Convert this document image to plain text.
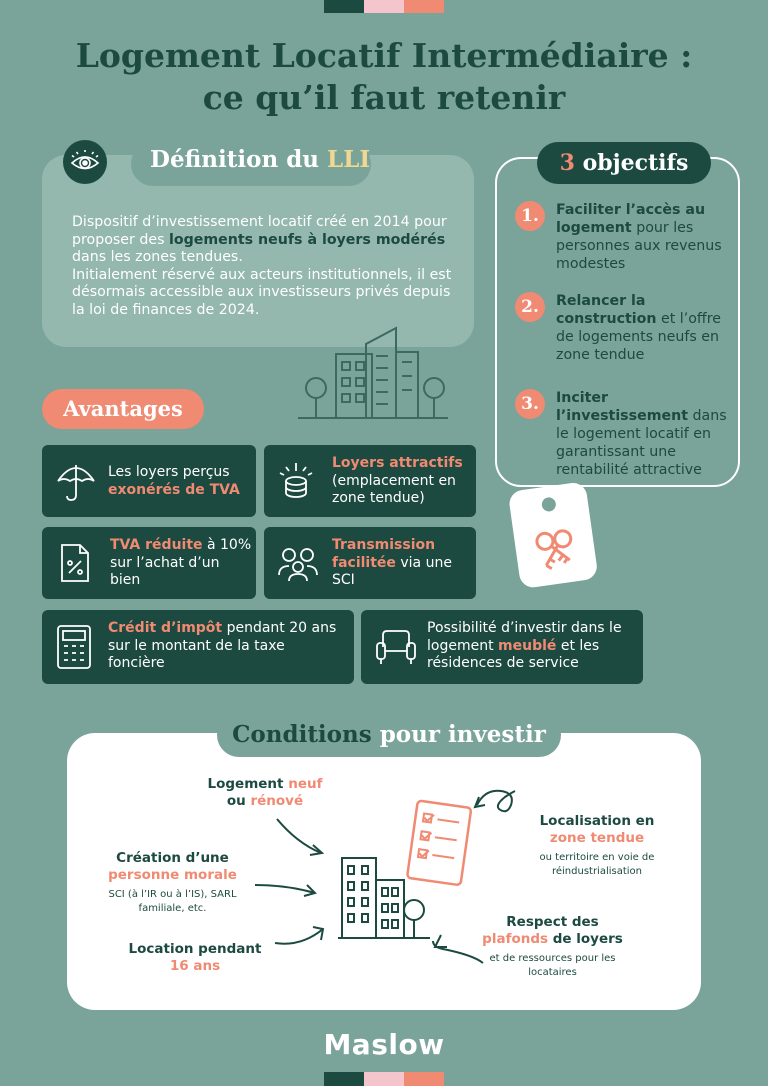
Logement Locatif Intermédiaire :
ce qu’il faut retenir
Définition du LLI
Dispositif d’investissement locatif créé en 2014 pour proposer des logements neufs à loyers modérés dans les zones tendues.
Initialement réservé aux acteurs institutionnels, il est désormais accessible aux investisseurs privés depuis la loi de finances de 2024.
3 objectifs
1.	Faciliter l’accès au logement pour les personnes aux revenus modestes
2.	Relancer la construction et l’offre de logements neufs en zone tendue
3.	Inciter l’investissement dans le logement locatif en garantissant une rentabilité attractive
Avantages
Les loyers perçus exonérés de TVA
Loyers attractifs (emplacement en zone tendue)
TVA réduite à 10% sur l’achat d’un bien
Transmission facilitée via une SCI
Crédit d’impôt pendant 20 ans sur le montant de la taxe foncière
Possibilité d’investir dans le logement meublé et les résidences de service
Conditions pour investir
Logement neuf
ou rénové
Création d’une
personne morale
SCI (à l’IR ou à l’IS), SARL familiale, etc.
Location pendant
16 ans
Localisation en
zone tendue
ou territoire en voie de réindustrialisation
Respect des
plafonds de loyers
et de ressources pour les locataires
Maslow
